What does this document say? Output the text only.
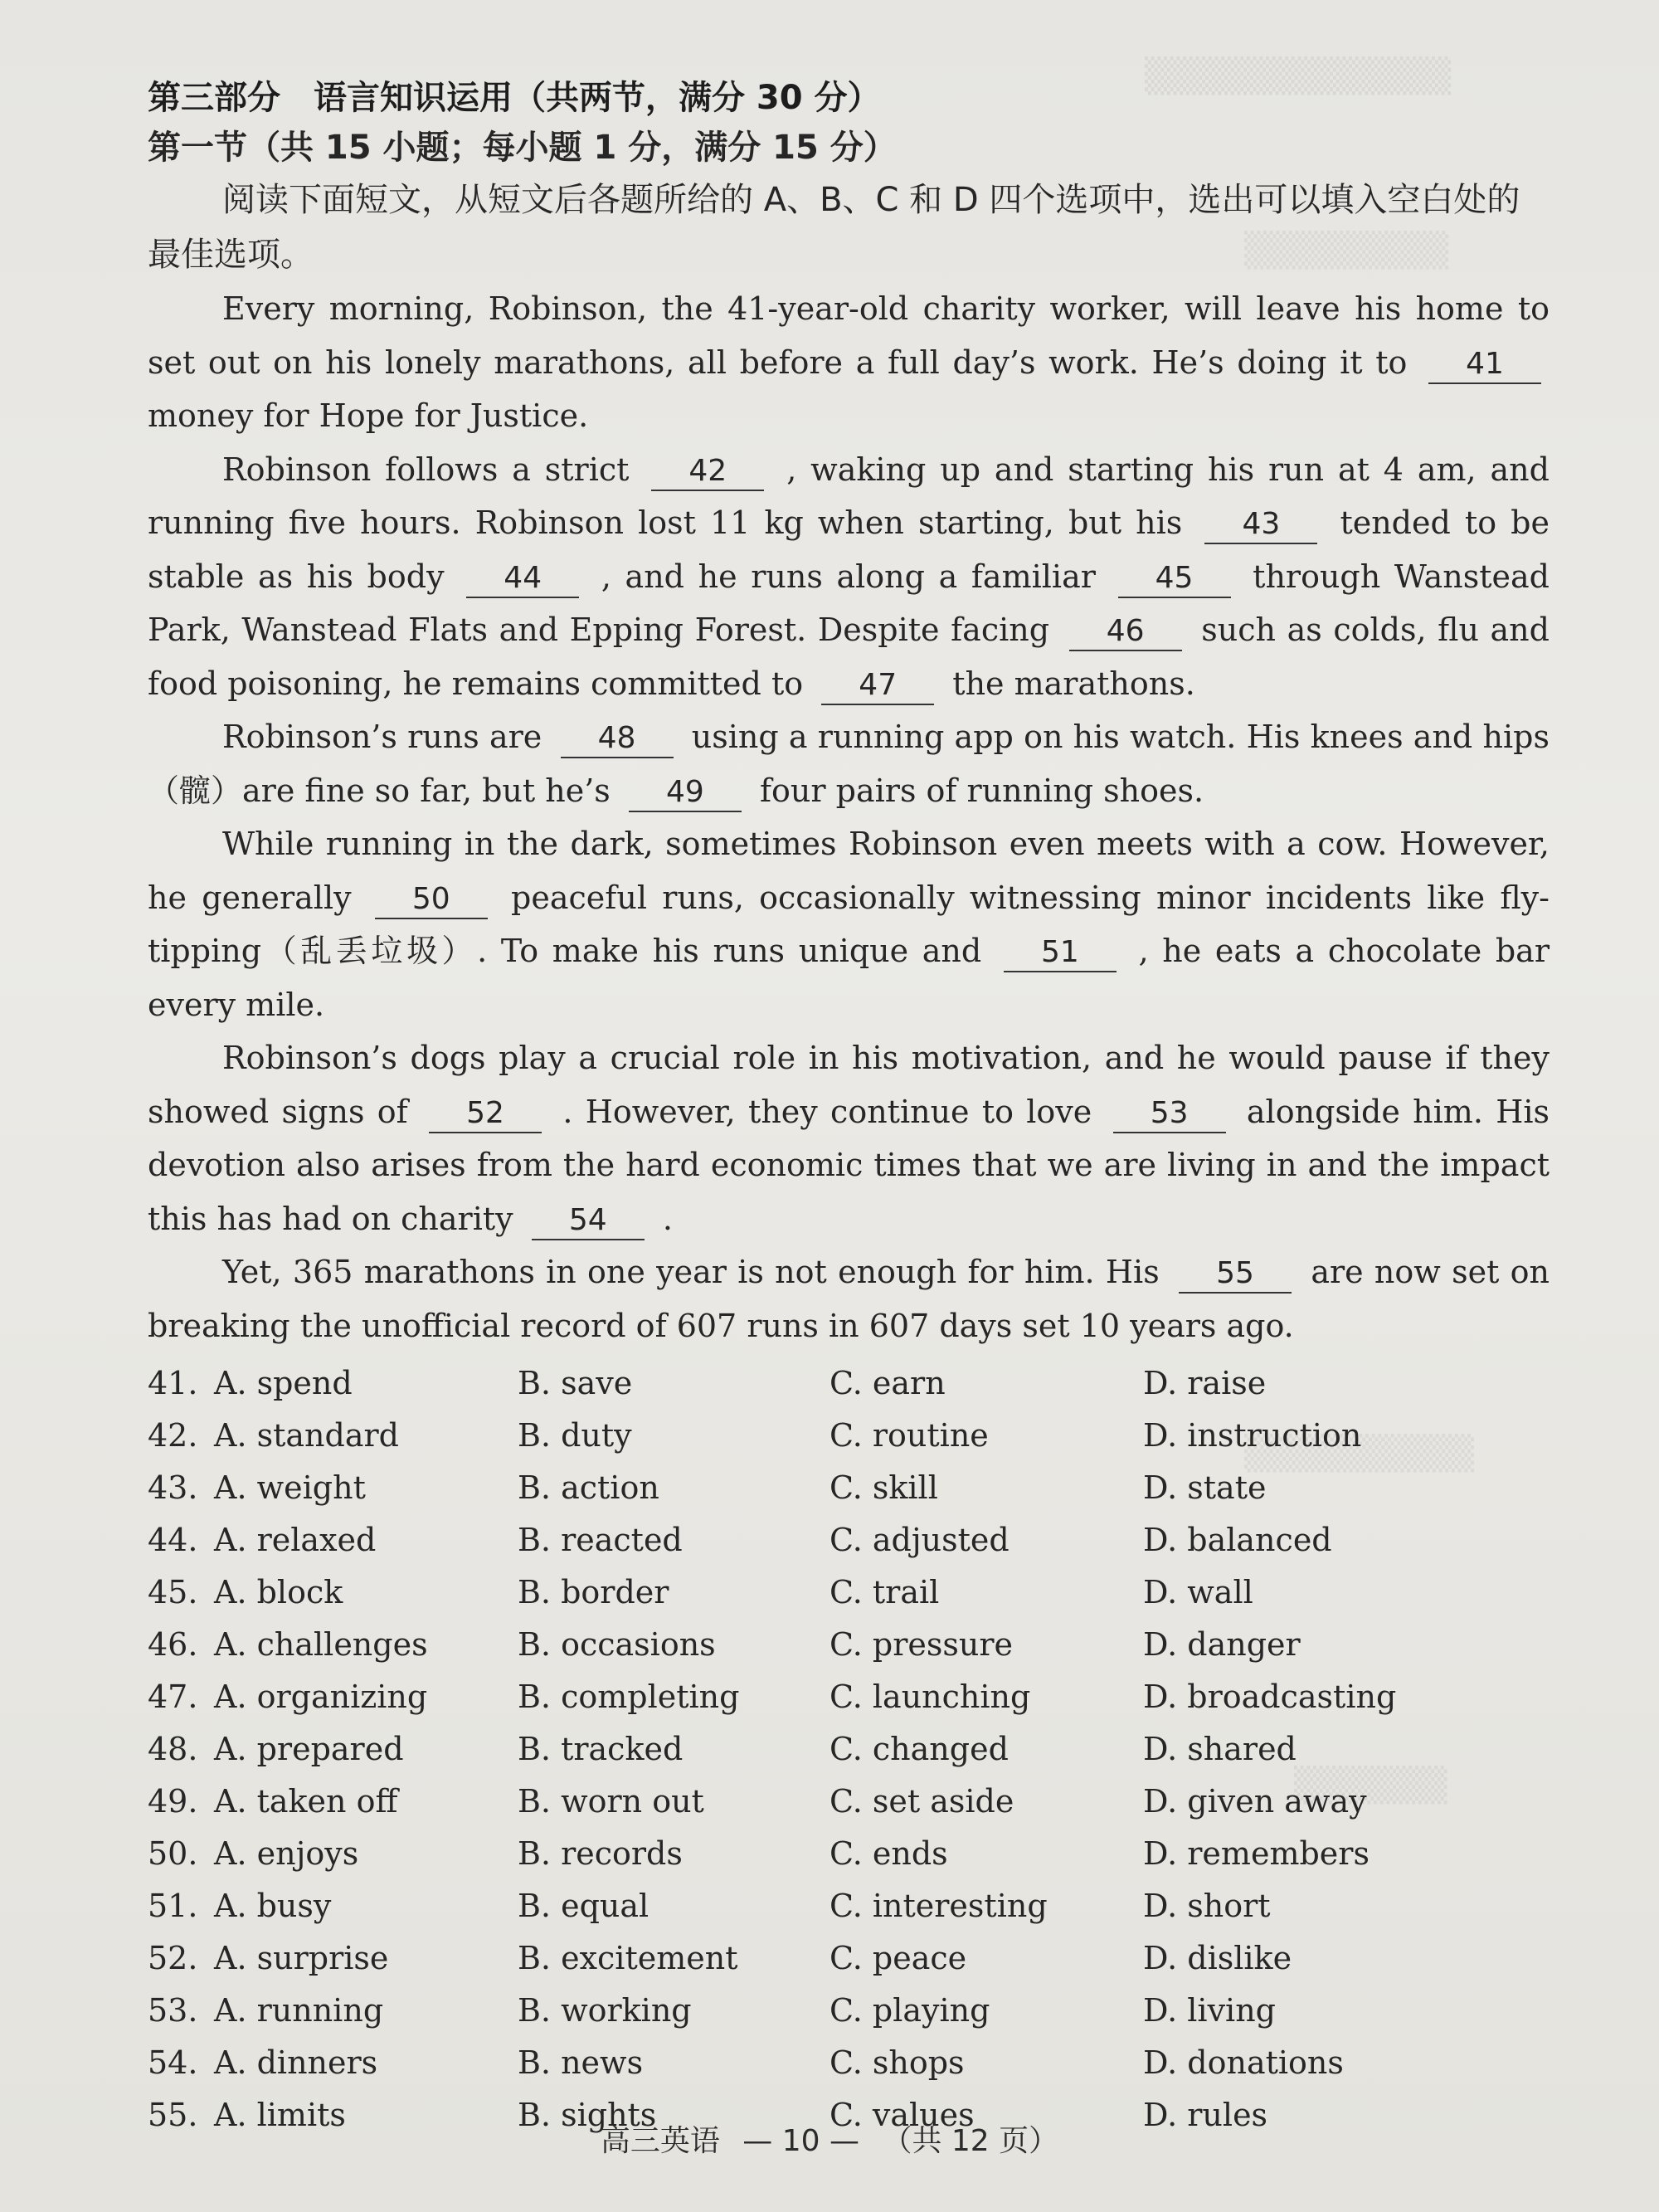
▒▒▒▒▒▒▒▒▒▒▒▒
▒▒▒▒▒▒▒▒
▒▒▒▒▒▒▒▒▒
▒▒▒▒▒▒
第三部分　语言知识运用（共两节，满分 30 分）
第一节（共 15 小题；每小题 1 分，满分 15 分）

阅读下面短文，从短文后各题所给的 A、B、C 和 D 四个选项中，选出可以填入空白处的最佳选项。

Every morning, Robinson, the 41-year-old charity worker, will leave his home to set out on his lonely marathons, all before a full day’s work. He’s doing it to 41 money for Hope for Justice.

Robinson follows a strict 42 , waking up and starting his run at 4 am, and running five hours. Robinson lost 11 kg when starting, but his 43 tended to be stable as his body 44 , and he runs along a familiar 45 through Wanstead Park, Wanstead Flats and Epping Forest. Despite facing 46 such as colds, flu and food poisoning, he remains committed to 47 the marathons.

Robinson’s runs are 48 using a running app on his watch. His knees and hips（髋）are fine so far, but he’s 49 four pairs of running shoes.

While running in the dark, sometimes Robinson even meets with a cow. However, he generally 50 peaceful runs, occasionally witnessing minor incidents like fly-tipping（乱丢垃圾）. To make his runs unique and 51 , he eats a chocolate bar every mile.

Robinson’s dogs play a crucial role in his motivation, and he would pause if they showed signs of 52 . However, they continue to love 53 alongside him. His devotion also arises from the hard economic times that we are living in and the impact this has had on charity 54 .

Yet, 365 marathons in one year is not enough for him. His 55 are now set on breaking the unofficial record of 607 runs in 607 days set 10 years ago.

41. A. spend	B. save	C. earn	D. raise
42. A. standard	B. duty	C. routine	D. instruction
43. A. weight	B. action	C. skill	D. state
44. A. relaxed	B. reacted	C. adjusted	D. balanced
45. A. block	B. border	C. trail	D. wall
46. A. challenges	B. occasions	C. pressure	D. danger
47. A. organizing	B. completing	C. launching	D. broadcasting
48. A. prepared	B. tracked	C. changed	D. shared
49. A. taken off	B. worn out	C. set aside	D. given away
50. A. enjoys	B. records	C. ends	D. remembers
51. A. busy	B. equal	C. interesting	D. short
52. A. surprise	B. excitement	C. peace	D. dislike
53. A. running	B. working	C. playing	D. living
54. A. dinners	B. news	C. shops	D. donations
55. A. limits	B. sights	C. values	D. rules
高三英语 — 10 — （共 12 页）
